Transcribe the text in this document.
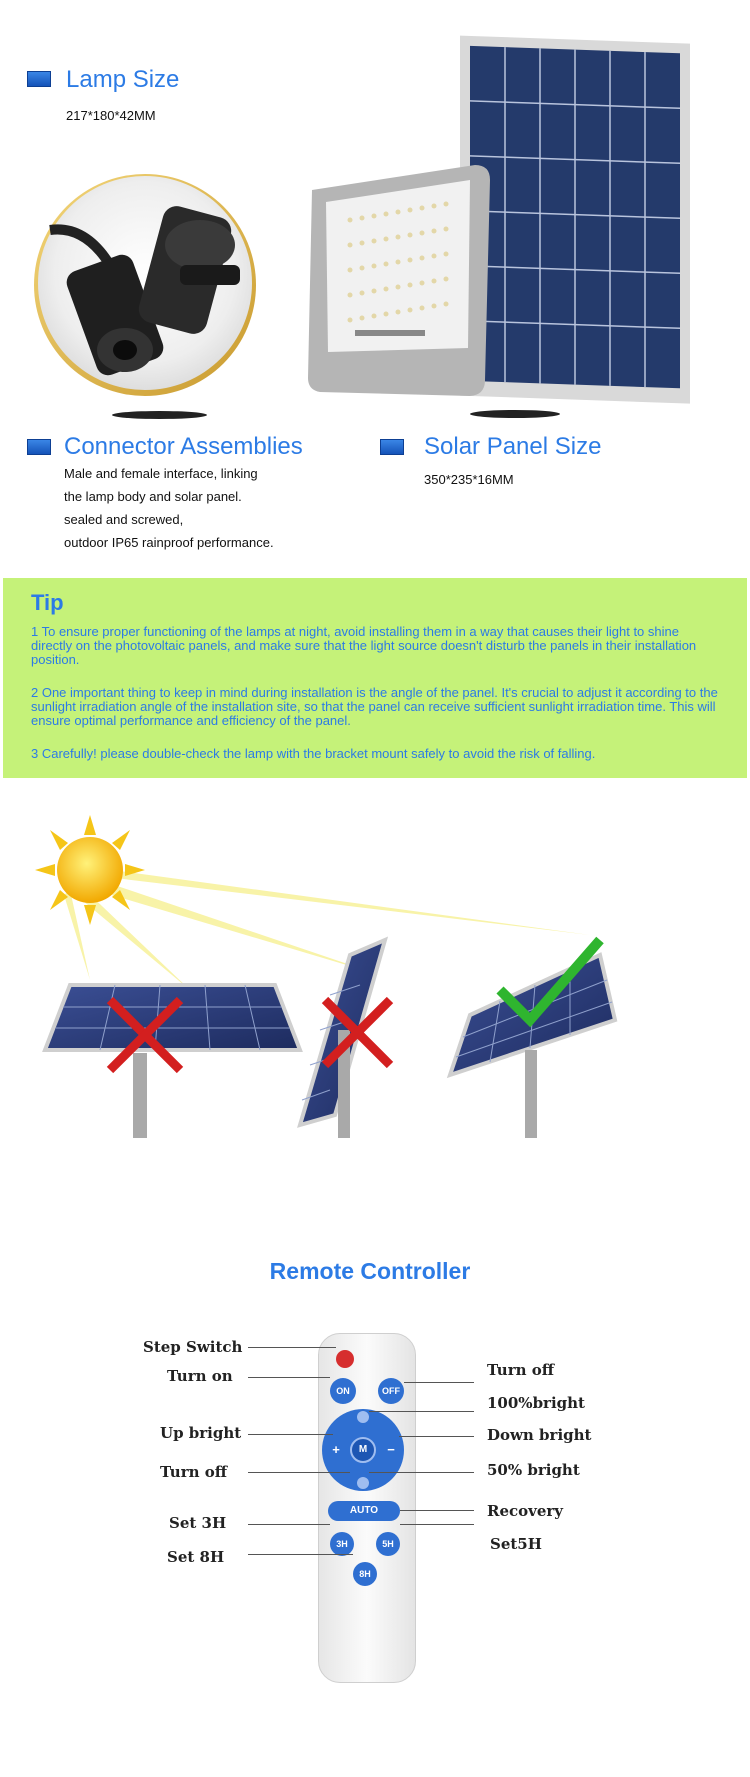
Lamp Size
217*180*42MM
Connector Assemblies
Male and female interface, linking
the lamp body and solar panel.
sealed and screwed,
outdoor IP65 rainproof performance.
Solar Panel Size
350*235*16MM
Tip
1 To ensure proper functioning of the lamps at night, avoid installing them in a way that causes their light to shine directly on the photovoltaic panels, and make sure that the light source doesn't disturb the panels in their installation position.
2 One important thing to keep in mind during installation is the angle of the panel. It's crucial to adjust it according to the sunlight irradiation angle of the installation site, so that the panel can receive sufficient sunlight irradiation time. This will ensure optimal performance and efficiency of the panel.
3 Carefully! please double-check the lamp with the bracket mount safely to avoid the risk of falling.
Remote Controller
ON	OFF
+	−
M
AUTO
3H	5H
8H
Step Switch
Turn on
Up bright
Turn off
Set 3H
Set 8H
Turn off
100%bright
Down bright
50% bright
Recovery
Set5H
